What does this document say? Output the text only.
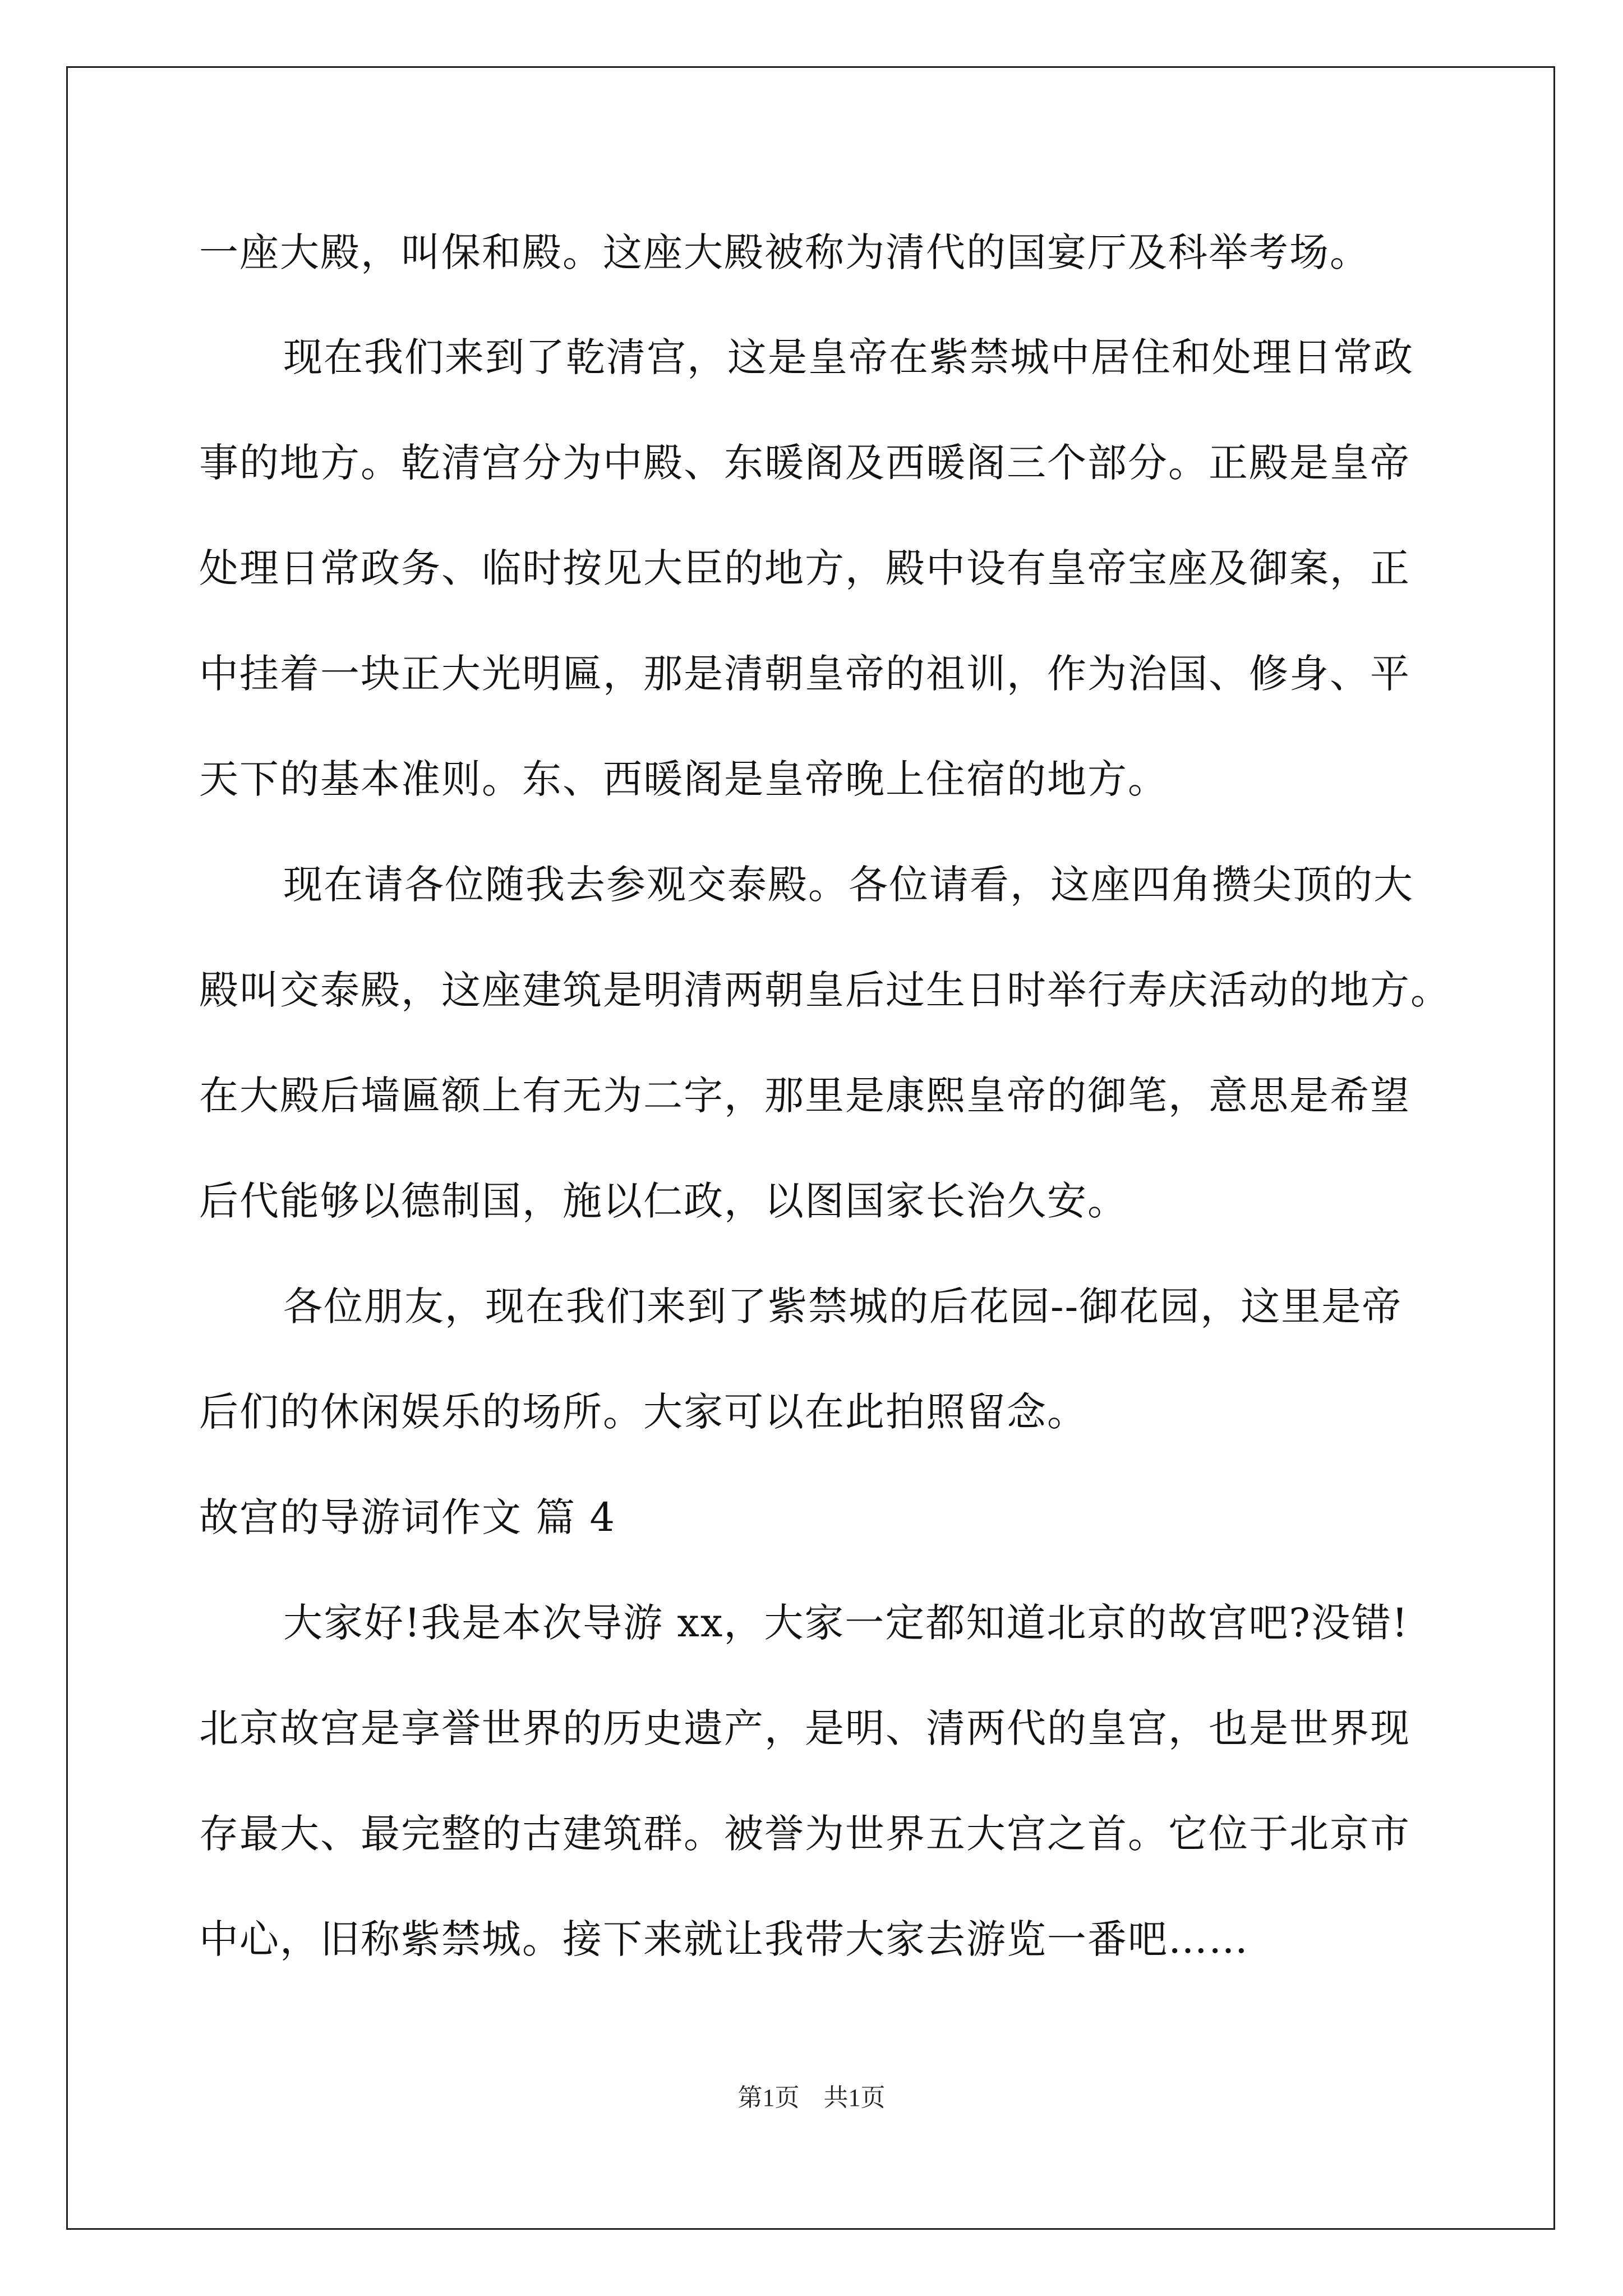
一座大殿，叫保和殿。这座大殿被称为清代的国宴厅及科举考场。
现在我们来到了乾清宫，这是皇帝在紫禁城中居住和处理日常政
事的地方。乾清宫分为中殿、东暖阁及西暖阁三个部分。正殿是皇帝
处理日常政务、临时按见大臣的地方，殿中设有皇帝宝座及御案，正
中挂着一块正大光明匾，那是清朝皇帝的祖训，作为治国、修身、平
天下的基本准则。东、西暖阁是皇帝晚上住宿的地方。
现在请各位随我去参观交泰殿。各位请看，这座四角攒尖顶的大
殿叫交泰殿，这座建筑是明清两朝皇后过生日时举行寿庆活动的地方。
在大殿后墙匾额上有无为二字，那里是康熙皇帝的御笔，意思是希望
后代能够以德制国，施以仁政，以图国家长治久安。
各位朋友，现在我们来到了紫禁城的后花园--御花园，这里是帝
后们的休闲娱乐的场所。大家可以在此拍照留念。
故宫的导游词作文 篇 4
大家好!我是本次导游 xx，大家一定都知道北京的故宫吧?没错!
北京故宫是享誉世界的历史遗产，是明、清两代的皇宫，也是世界现
存最大、最完整的古建筑群。被誉为世界五大宫之首。它位于北京市
中心，旧称紫禁城。接下来就让我带大家去游览一番吧……
第1页 共1页
